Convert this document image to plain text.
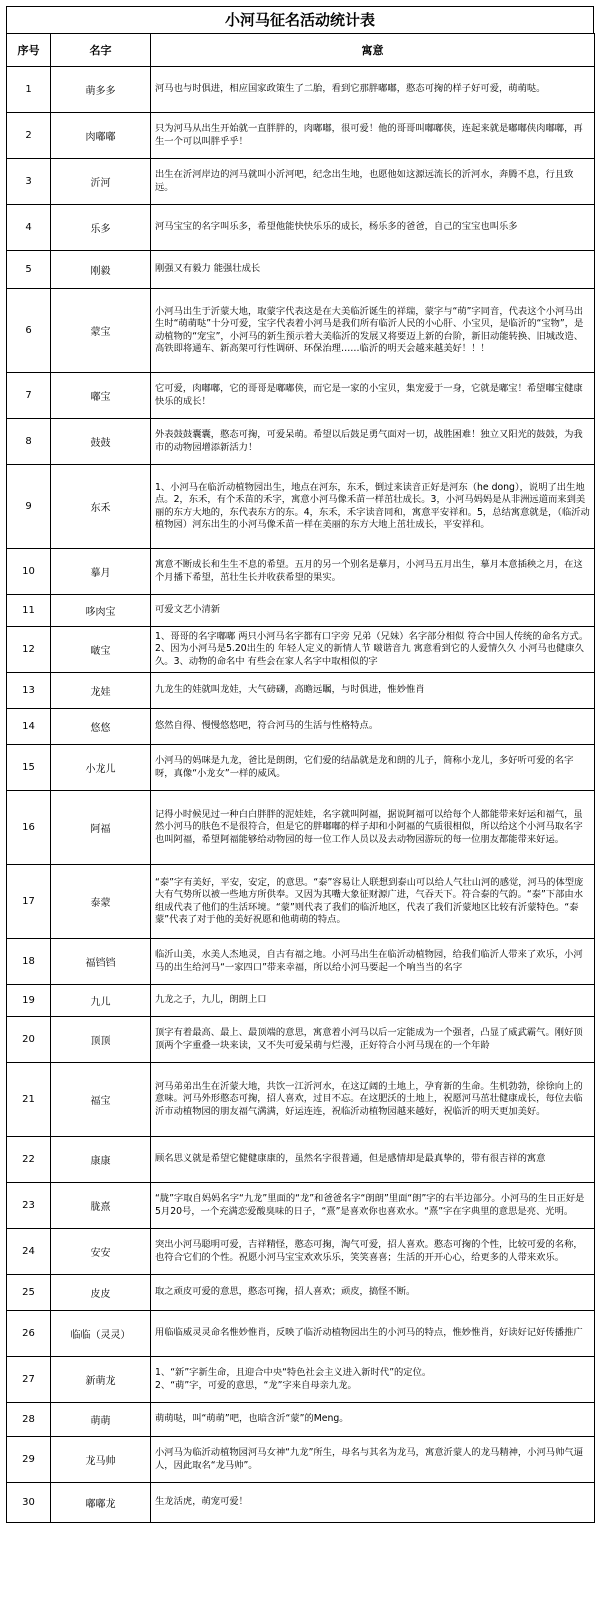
小河马征名活动统计表
序号	名字	寓意
1	萌多多	河马也与时俱进，相应国家政策生了二胎，看到它那胖嘟嘟，憨态可掬的样子好可爱，萌萌哒。
2	肉嘟嘟	只为河马从出生开始就一直胖胖的，肉嘟嘟，很可爱！他的哥哥叫嘟嘟侠，连起来就是嘟嘟侠肉嘟嘟，再生一个可以叫胖乎乎！
3	沂河	出生在沂河岸边的河马就叫小沂河吧，纪念出生地，也愿他如这源远流长的沂河水，奔腾不息，行且致远。
4	乐多	河马宝宝的名字叫乐多，希望他能快快乐乐的成长，杨乐多的爸爸，自己的宝宝也叫乐多
5	刚毅	刚强又有毅力 能强壮成长
6	蒙宝	小河马出生于沂蒙大地，取蒙字代表这是在大美临沂诞生的祥瑞，蒙字与“萌”字同音，代表这个小河马出生时“萌萌哒”十分可爱，宝字代表着小河马是我们所有临沂人民的小心肝、小宝贝，是临沂的“宝物”，是动植物的“宠宝”，小河马的新生预示着大美临沂的发展又将要迈上新的台阶，新旧动能转换、旧城改造、高铁即将通车、新高架可行性调研、环保治理……临沂的明天会越来越美好！！！
7	嘟宝	它可爱，肉嘟嘟，它的哥哥是嘟嘟侠，而它是一家的小宝贝，集宠爱于一身，它就是嘟宝！希望嘟宝健康快乐的成长！
8	鼓鼓	外表鼓鼓囊囊，憨态可掬，可爱呆萌。希望以后鼓足勇气面对一切，战胜困难！独立又阳光的鼓鼓，为我市的动物园增添新活力！
9	东禾	1、小河马在临沂动植物园出生，地点在河东，东禾，倒过来读音正好是河东（he dong），说明了出生地点。2，东禾，有个禾苗的禾字，寓意小河马像禾苗一样茁壮成长。3，小河马妈妈是从非洲远道而来到美丽的东方大地的，东代表东方的东。4，东禾，禾字读音同和，寓意平安祥和。5，总结寓意就是，（临沂动植物园）河东出生的小河马像禾苗一样在美丽的东方大地上茁壮成长，平安祥和。
10	摹月	寓意不断成长和生生不息的希望。五月的另一个别名是摹月，小河马五月出生，摹月本意插秧之月，在这个月播下希望，茁壮生长并收获希望的果实。
11	哆肉宝	可爱文艺小清新
12	啵宝	1、哥哥的名字嘟嘟 两只小河马名字都有口字旁 兄弟（兄妹）名字部分相似 符合中国人传统的命名方式。2、因为小河马是5.20出生的 年轻人定义的新情人节 啵谐音九 寓意看到它的人爱情久久 小河马也健康久久。3、动物的命名中 有些会在家人名字中取相似的字
13	龙娃	九龙生的娃就叫龙娃，大气磅礴，高瞻远瞩，与时俱进，惟妙惟肖
14	悠悠	悠然自得、慢慢悠悠吧，符合河马的生活与性格特点。
15	小龙儿	小河马的妈咪是九龙，爸比是朗朗，它们爱的结晶就是龙和朗的儿子，简称小龙儿，多好听可爱的名字呀，真像“小龙女”一样的威风。
16	阿福	记得小时候见过一种白白胖胖的泥娃娃，名字就叫阿福，据说阿福可以给每个人都能带来好运和福气，虽然小河马的肤色不是很符合，但是它的胖嘟嘟的样子却和小阿福的气质很相似，所以给这个小河马取名字也叫阿福，希望阿福能够给动物园的每一位工作人员以及去动物园游玩的每一位朋友都能带来好运。
17	泰蒙	“泰”字有美好，平安，安定，的意思。“泰”容易让人联想到泰山可以给人气壮山河的感觉，河马的体型庞大有气势所以被一些地方所供奉。又因为其嘴大象征财源广进，气吞天下。符合泰的气韵。“泰”下部由水组成代表了他们的生活环境。“蒙”则代表了我们的临沂地区，代表了我们沂蒙地区比较有沂蒙特色。“泰蒙”代表了对于他的美好祝愿和他萌萌的特点。
18	福铛铛	临沂山美，水美人杰地灵，自古有福之地。小河马出生在临沂动植物园，给我们临沂人带来了欢乐，小河马的出生给河马“一家四口”带来幸福，所以给小河马要起一个响当当的名字
19	九儿	九龙之子，九儿，朗朗上口
20	顶顶	顶字有着最高、最上、最顶端的意思，寓意着小河马以后一定能成为一个强者，凸显了威武霸气。刚好顶顶两个字重叠一块来读，又不失可爱呆萌与烂漫，正好符合小河马现在的一个年龄
21	福宝	河马弟弟出生在沂蒙大地，共饮一江沂河水，在这辽阔的土地上，孕育新的生命。生机勃勃，徐徐向上的意味。河马外形憨态可掬，招人喜欢，过目不忘。在这肥沃的土地上，祝愿河马茁壮健康成长，每位去临沂市动植物园的朋友福气满满，好运连连，祝临沂动植物园越来越好，祝临沂的明天更加美好。
22	康康	顾名思义就是希望它健健康康的，虽然名字很普通，但是感情却是最真挚的，带有很吉祥的寓意
23	胧熹	“胧”字取自妈妈名字“九龙”里面的“龙”和爸爸名字“朗朗”里面“朗”字的右半边部分。小河马的生日正好是5月20号，一个充满恋爱酸臭味的日子，“熹”是喜欢你也喜欢水。“熹”字在字典里的意思是亮、光明。
24	安安	突出小河马聪明可爱，吉祥精怪，憨态可掬，淘气可爱，招人喜欢。憨态可掬的个性，比较可爱的名称，也符合它们的个性。祝愿小河马宝宝欢欢乐乐，笑笑喜喜；生活的开开心心，给更多的人带来欢乐。
25	皮皮	取之顽皮可爱的意思，憨态可掬，招人喜欢；顽皮，搞怪不断。
26	临临（灵灵）	用临临威灵灵命名惟妙惟肖，反映了临沂动植物园出生的小河马的特点，惟妙惟肖，好读好记好传播推广
27	新萌龙	1、“新”字新生命，且迎合中央“特色社会主义进入新时代”的定位。
2、“萌”字，可爱的意思，“龙”字来自母亲九龙。
28	萌萌	萌萌哒，叫“萌萌”吧，也暗含沂“蒙”的Meng。
29	龙马帅	小河马为临沂动植物园河马女神“九龙”所生，母名与其名为龙马，寓意沂蒙人的龙马精神，小河马帅气逼人，因此取名“龙马帅”。
30	嘟嘟龙	生龙活虎，萌宠可爱！
